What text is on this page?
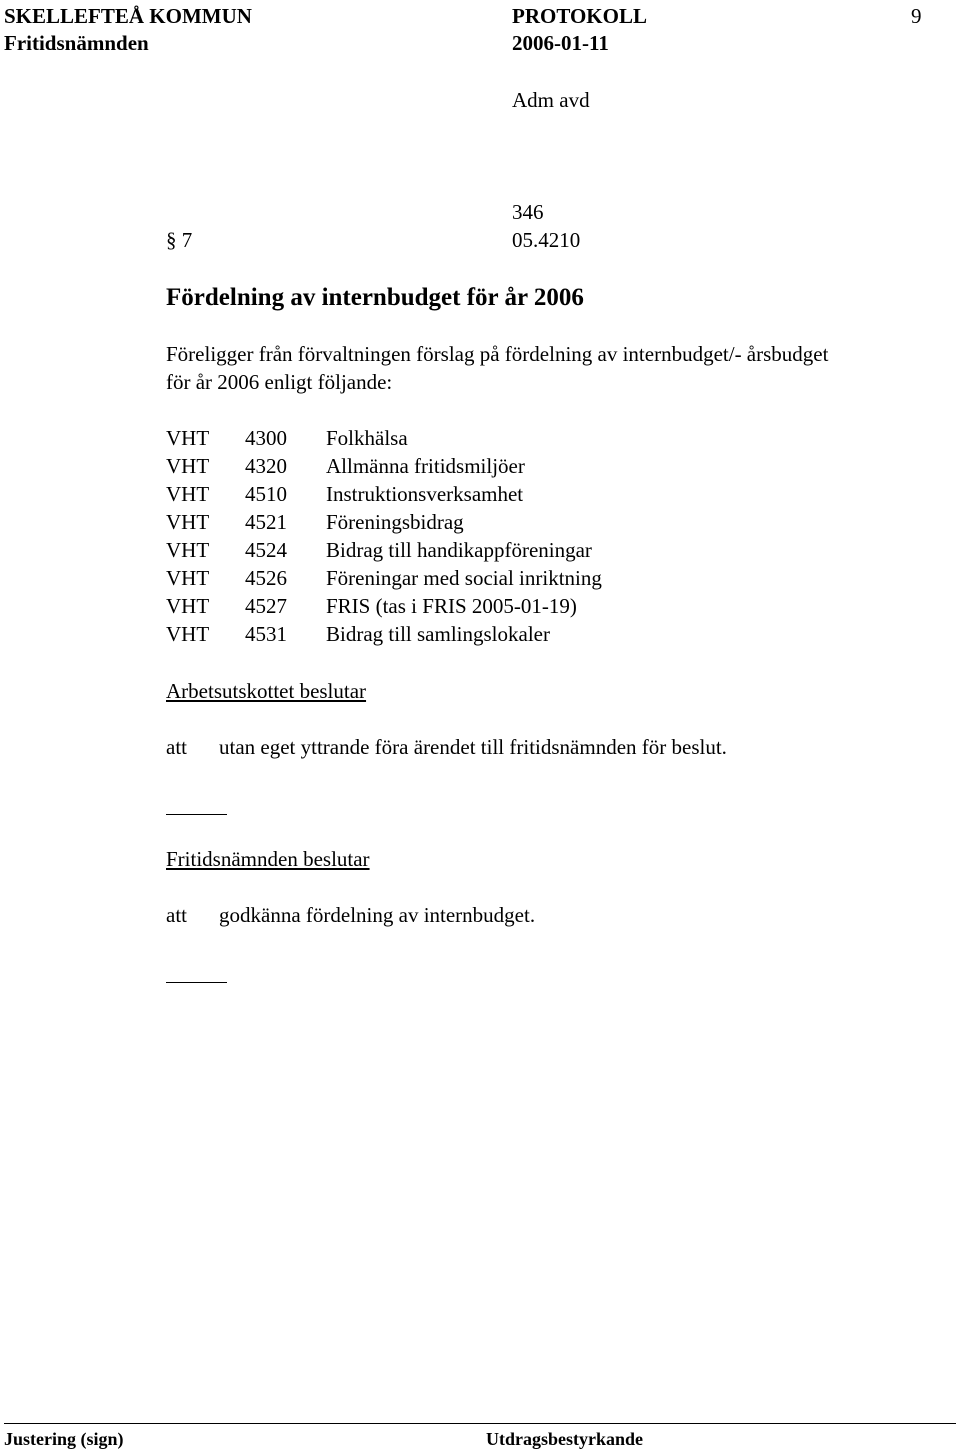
SKELLEFTEÅ KOMMUN	PROTOKOLL	9
Fritidsnämnden	2006-01-11
Adm avd
346
§ 7	05.4210
Fördelning av internbudget för år 2006
Föreligger från förvaltningen förslag på fördelning av internbudget/- årsbudget
för år 2006 enligt följande:
VHT 4300 Folkhälsa
VHT 4320 Allmänna fritidsmiljöer
VHT 4510 Instruktionsverksamhet
VHT 4521 Föreningsbidrag
VHT 4524 Bidrag till handikappföreningar
VHT 4526 Föreningar med social inriktning
VHT 4527 FRIS (tas i FRIS 2005-01-19)
VHT 4531 Bidrag till samlingslokaler
Arbetsutskottet beslutar
att utan eget yttrande föra ärendet till fritidsnämnden för beslut.
Fritidsnämnden beslutar
att godkänna fördelning av internbudget.
Justering (sign)	Utdragsbestyrkande
